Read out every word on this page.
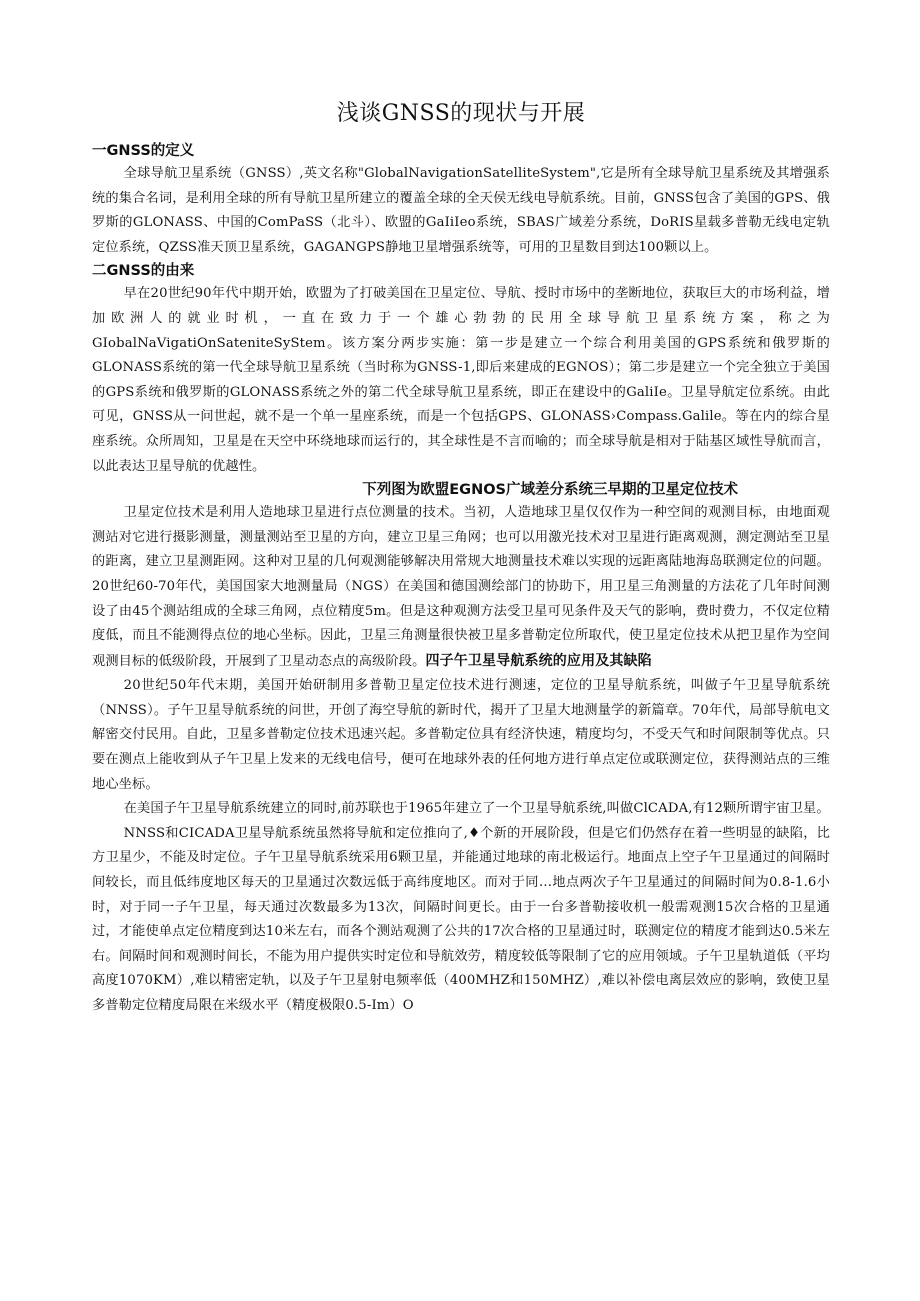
浅谈GNSS的现状与开展
一GNSS的定义

全球导航卫星系统（GNSS）,英文名称"GlobalNavigationSatelliteSystem",它是所有全球导航卫星系统及其增强系统的集合名词，是利用全球的所有导航卫星所建立的覆盖全球的全天侯无线电导航系统。目前，GNSS包含了美国的GPS、俄罗斯的GLONASS、中国的ComPaSS（北斗）、欧盟的GaIiIeo系统，SBAS广域差分系统，DoRIS星载多普勒无线电定轨定位系统，QZSS准天顶卫星系统，GAGANGPS静地卫星增强系统等，可用的卫星数目到达100颗以上。

二GNSS的由来

早在20世纪90年代中期开始，欧盟为了打破美国在卫星定位、导航、授时市场中的垄断地位，获取巨大的市场利益，增加欧洲人的就业时机，一直在致力于一个雄心勃勃的民用全球导航卫星系统方案，称之为GIobalNaVigatiOnSateniteSyStem。该方案分两步实施：第一步是建立一个综合利用美国的GPS系统和俄罗斯的GLONASS系统的第一代全球导航卫星系统（当时称为GNSS-1,即后来建成的EGNOS）；第二步是建立一个完全独立于美国的GPS系统和俄罗斯的GLONASS系统之外的第二代全球导航卫星系统，即正在建设中的GaliIe。卫星导航定位系统。由此可见，GNSS从一问世起，就不是一个单一星座系统，而是一个包括GPS、GLONASS›Compass.Galile。等在内的综合星座系统。众所周知，卫星是在天空中环绕地球而运行的，其全球性是不言而喻的；而全球导航是相对于陆基区域性导航而言，以此表达卫星导航的优越性。

下列图为欧盟EGNOS广域差分系统三早期的卫星定位技术

卫星定位技术是利用人造地球卫星进行点位测量的技术。当初，人造地球卫星仅仅作为一种空间的观测目标，由地面观测站对它进行摄影测量，测量测站至卫星的方向，建立卫星三角网；也可以用激光技术对卫星进行距离观测，测定测站至卫星的距离，建立卫星测距网。这种对卫星的几何观测能够解决用常规大地测量技术难以实现的远距离陆地海岛联测定位的问题。20世纪60-70年代，美国国家大地测量局（NGS）在美国和德国测绘部门的协助下，用卫星三角测量的方法花了几年时间测设了由45个测站组成的全球三角网，点位精度5m。但是这种观测方法受卫星可见条件及天气的影响，费时费力，不仅定位精度低，而且不能测得点位的地心坐标。因此，卫星三角测量很快被卫星多普勒定位所取代，使卫星定位技术从把卫星作为空间观测目标的低级阶段，开展到了卫星动态点的高级阶段。四子午卫星导航系统的应用及其缺陷

20世纪50年代末期，美国开始研制用多普勒卫星定位技术进行测速，定位的卫星导航系统，叫做子午卫星导航系统（NNSS）。子午卫星导航系统的问世，开创了海空导航的新时代，揭开了卫星大地测量学的新篇章。70年代，局部导航电文解密交付民用。自此，卫星多普勒定位技术迅速兴起。多普勒定位具有经济快速，精度均匀，不受天气和时间限制等优点。只要在测点上能收到从子午卫星上发来的无线电信号，便可在地球外表的任何地方进行单点定位或联测定位，获得测站点的三维地心坐标。

在美国子午卫星导航系统建立的同时,前苏联也于1965年建立了一个卫星导航系统,叫做ClCADA,有12颗所谓宇宙卫星。

NNSS和CICADA卫星导航系统虽然将导航和定位推向了,♦个新的开展阶段，但是它们仍然存在着一些明显的缺陷，比方卫星少，不能及时定位。子午卫星导航系统采用6颗卫星，并能通过地球的南北极运行。地面点上空子午卫星通过的间隔时间较长，而且低纬度地区每天的卫星通过次数远低于高纬度地区。而对于同…地点两次子午卫星通过的间隔时间为0.8-1.6小时，对于同一子午卫星，每天通过次数最多为13次，间隔时间更长。由于一台多普勒接收机一般需观测15次合格的卫星通过，才能使单点定位精度到达10米左右，而各个测站观测了公共的17次合格的卫星通过时，联测定位的精度才能到达0.5米左右。间隔时间和观测时间长，不能为用户提供实时定位和导航效劳，精度较低等限制了它的应用领域。子午卫星轨道低（平均高度1070KM）,难以精密定轨，以及子午卫星射电频率低（400MHZ和150MHZ）,难以补偿电离层效应的影响，致使卫星多普勒定位精度局限在米级水平（精度极限0.5-Im）O
